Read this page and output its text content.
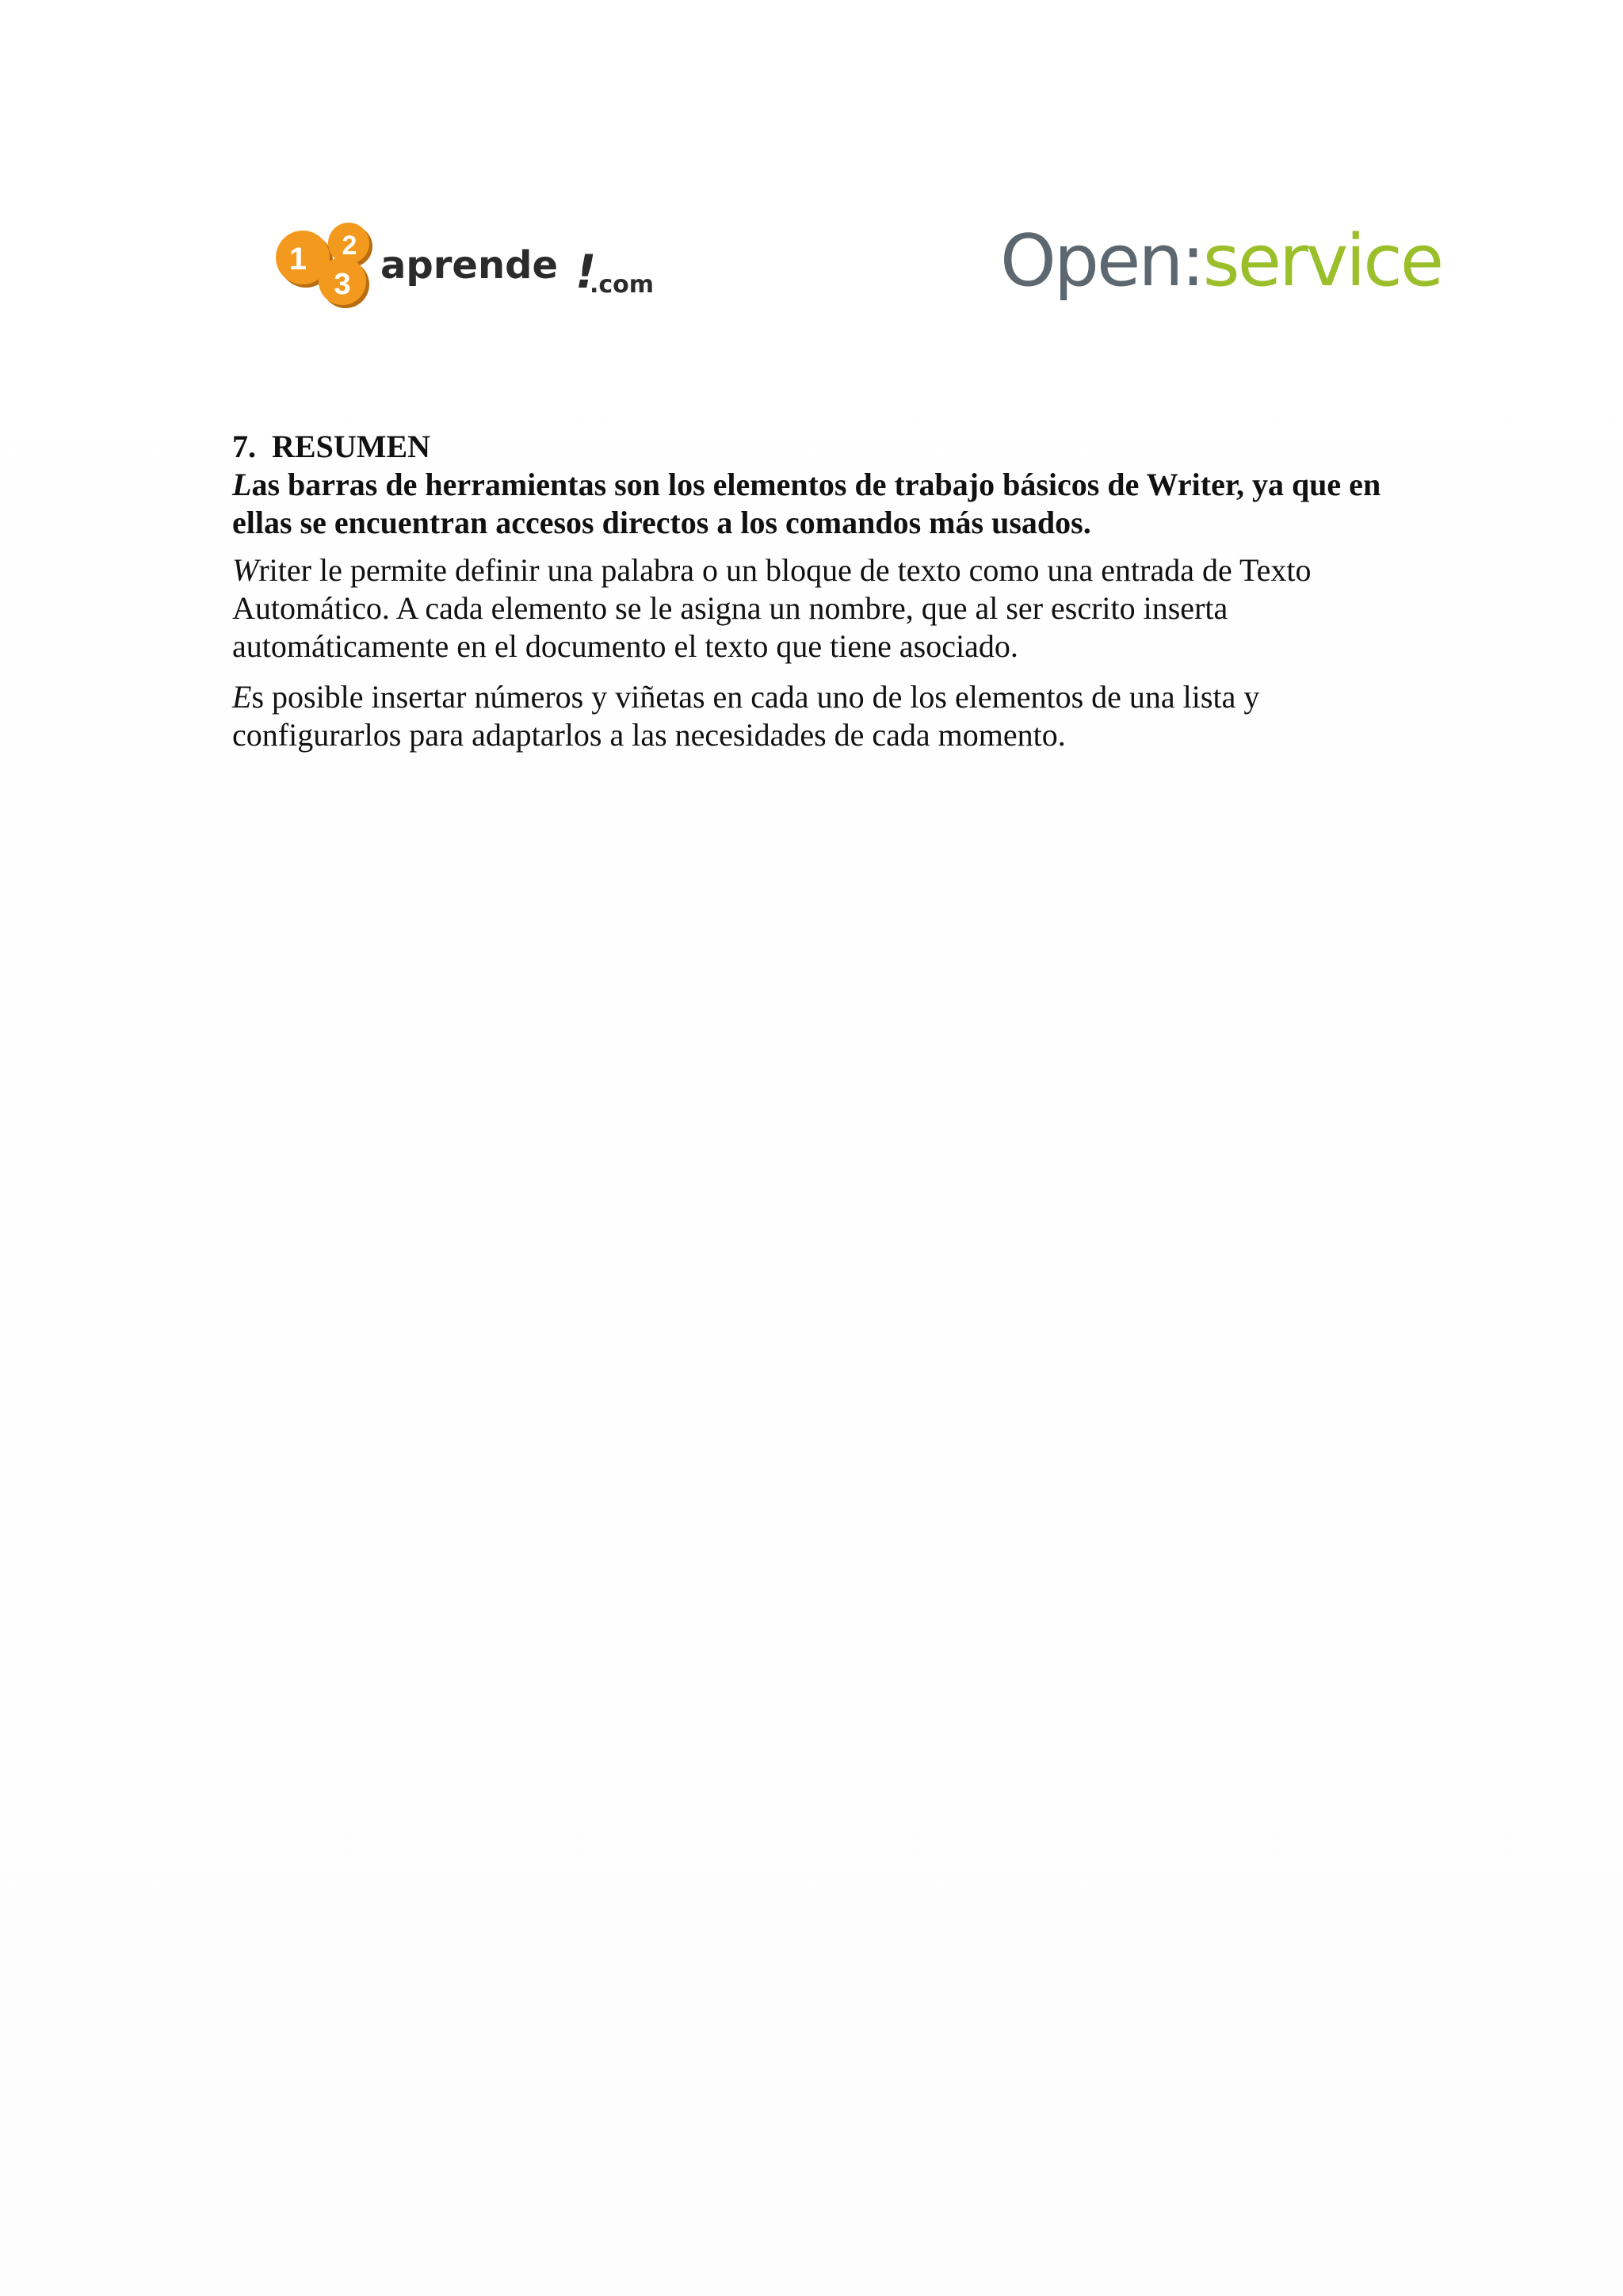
1 2
3 aprende !
.com	Open:service

7. RESUMEN

Las barras de herramientas son los elementos de trabajo básicos de Writer, ya que en ellas se encuentran accesos directos a los comandos más usados.

Writer le permite definir una palabra o un bloque de texto como una entrada de Texto Automático. A cada elemento se le asigna un nombre, que al ser escrito inserta automáticamente en el documento el texto que tiene asociado.

Es posible insertar números y viñetas en cada uno de los elementos de una lista y configurarlos para adaptarlos a las necesidades de cada momento.
